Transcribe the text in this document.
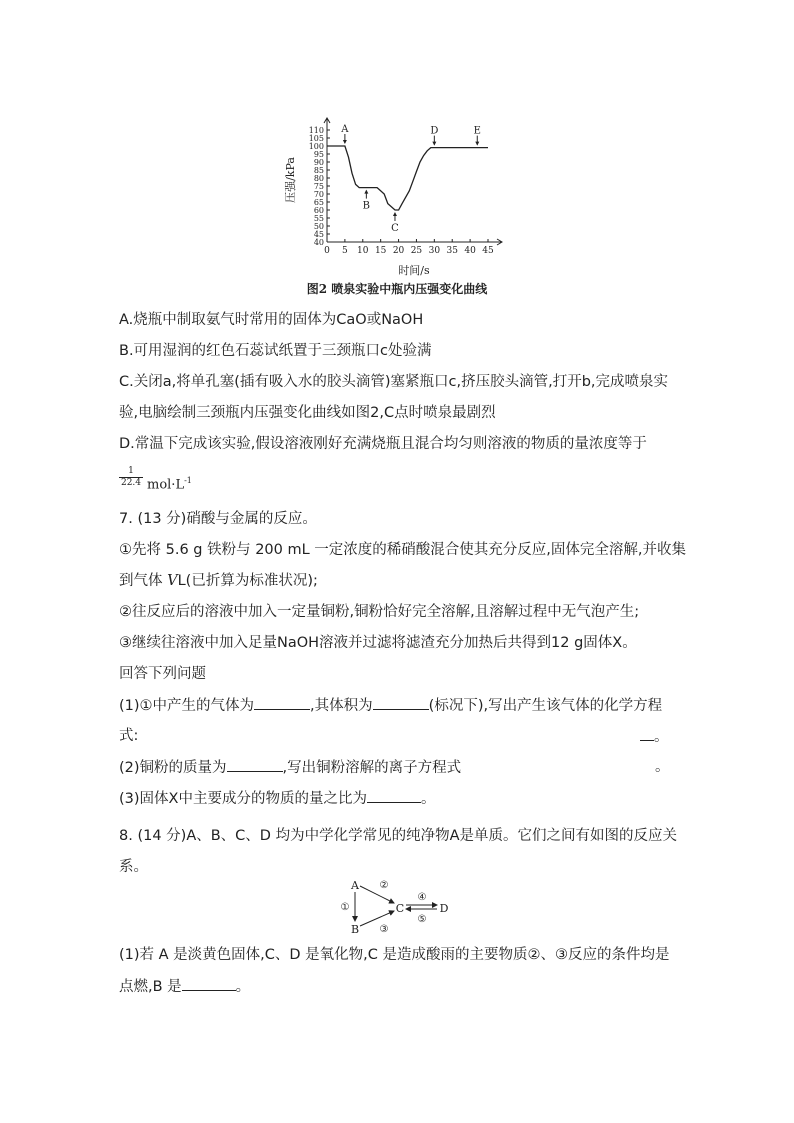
40
45
50
55
60
65
70
75
80
85
90
95
100
105
110
0 5 10 15 20 25 30 35 40 45
A
B
C
D	E
压强/kPa
时间/s
图2 喷泉实验中瓶内压强变化曲线
A.烧瓶中制取氨气时常用的固体为CaO或NaOH
B.可用湿润的红色石蕊试纸置于三颈瓶口c处验满
C.关闭a,将单孔塞(插有吸入水的胶头滴管)塞紧瓶口c,挤压胶头滴管,打开b,完成喷泉实
验,电脑绘制三颈瓶内压强变化曲线如图2,C点时喷泉最剧烈
D.常温下完成该实验,假设溶液刚好充满烧瓶且混合均匀则溶液的物质的量浓度等于
$\frac{1}{22.4} mol\cdot L^{-1}$
7. (13 分)硝酸与金属的反应。
①先将 5.6 g 铁粉与 200 mL 一定浓度的稀硝酸混合使其充分反应,固体完全溶解,并收集
到气体 VL(已折算为标准状况);
②往反应后的溶液中加入一定量铜粉,铜粉恰好完全溶解,且溶解过程中无气泡产生;
③继续往溶液中加入足量NaOH溶液并过滤将滤渣充分加热后共得到12 g固体X。
回答下列问题
(1)①中产生的气体为	,其体积为	(标况下),写出产生该气体的化学方程
式:	。
(2)铜粉的质量为	,写出铜粉溶解的离子方程式	。
(3)固体X中主要成分的物质的量之比为	。
8. (14 分)A、B、C、D 均为中学化学常见的纯净物A是单质。它们之间有如图的反应关
系。
A
B
C	D
①
②
③
④
⑤
(1)若 A 是淡黄色固体,C、D 是氧化物,C 是造成酸雨的主要物质②、③反应的条件均是
点燃,B 是	。
